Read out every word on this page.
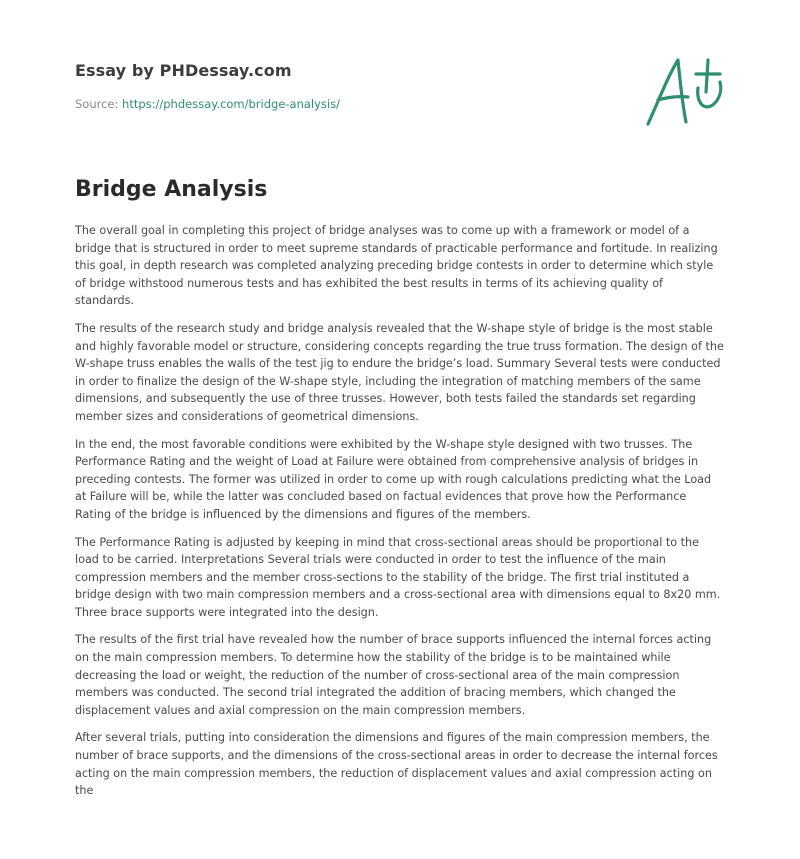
Essay by PHDessay.com
Source: https://phdessay.com/bridge-analysis/
Bridge Analysis

The overall goal in completing this project of bridge analyses was to come up with a framework or model of a bridge that is structured in order to meet supreme standards of practicable performance and fortitude. In realizing this goal, in depth research was completed analyzing preceding bridge contests in order to determine which style of bridge withstood numerous tests and has exhibited the best results in terms of its achieving quality of standards.

The results of the research study and bridge analysis revealed that the W-shape style of bridge is the most stable and highly favorable model or structure, considering concepts regarding the true truss formation. The design of the W-shape truss enables the walls of the test jig to endure the bridge’s load. Summary Several tests were conducted in order to finalize the design of the W-shape style, including the integration of matching members of the same dimensions, and subsequently the use of three trusses. However, both tests failed the standards set regarding member sizes and considerations of geometrical dimensions.

In the end, the most favorable conditions were exhibited by the W-shape style designed with two trusses. The Performance Rating and the weight of Load at Failure were obtained from comprehensive analysis of bridges in preceding contests. The former was utilized in order to come up with rough calculations predicting what the Load at Failure will be, while the latter was concluded based on factual evidences that prove how the Performance Rating of the bridge is influenced by the dimensions and figures of the members.

The Performance Rating is adjusted by keeping in mind that cross-sectional areas should be proportional to the load to be carried. Interpretations Several trials were conducted in order to test the influence of the main compression members and the member cross-sections to the stability of the bridge. The first trial instituted a bridge design with two main compression members and a cross-sectional area with dimensions equal to 8x20 mm. Three brace supports were integrated into the design.

The results of the first trial have revealed how the number of brace supports influenced the internal forces acting on the main compression members. To determine how the stability of the bridge is to be maintained while decreasing the load or weight, the reduction of the number of cross-sectional area of the main compression members was conducted. The second trial integrated the addition of bracing members, which changed the displacement values and axial compression on the main compression members.

After several trials, putting into consideration the dimensions and figures of the main compression members, the number of brace supports, and the dimensions of the cross-sectional areas in order to decrease the internal forces acting on the main compression members, the reduction of displacement values and axial compression acting on the
